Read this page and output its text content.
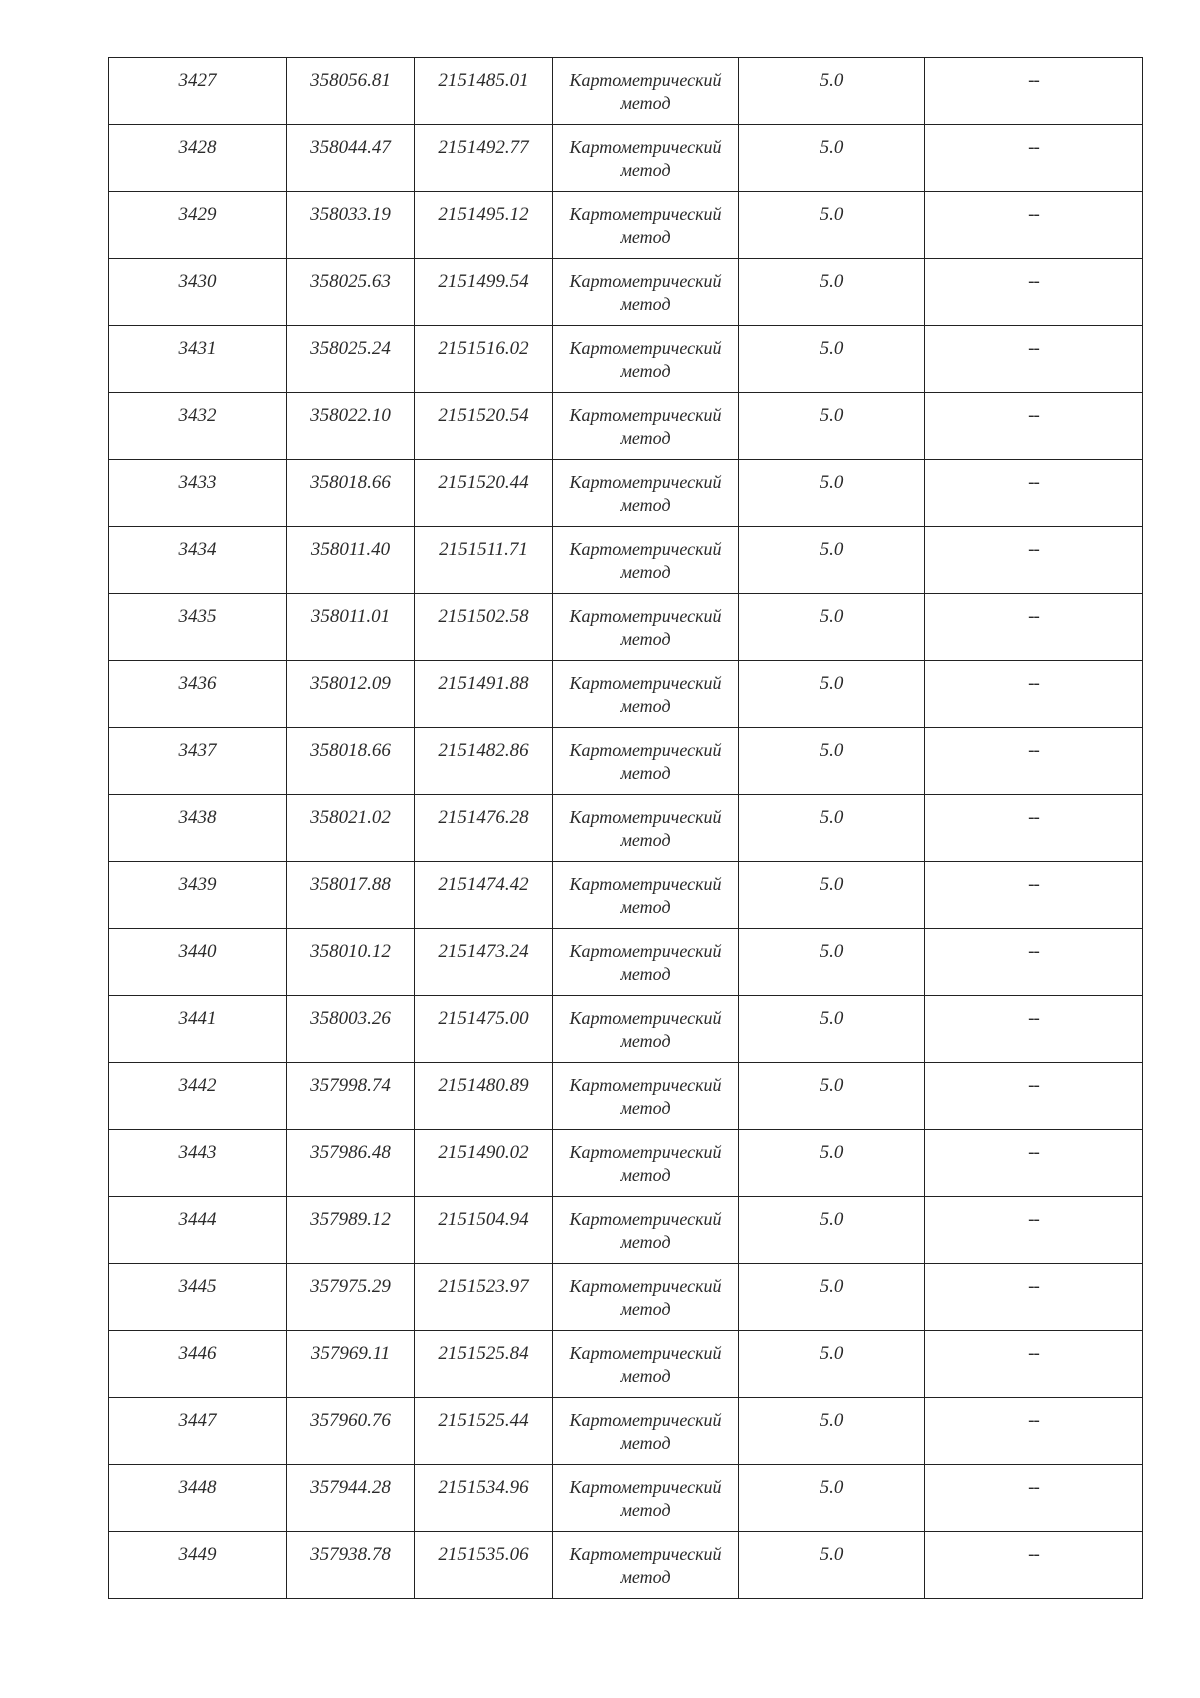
3427	358056.81	2151485.01	Картометрический метод	5.0	--

3428	358044.47	2151492.77	Картометрический метод	5.0	--

3429	358033.19	2151495.12	Картометрический метод	5.0	--

3430	358025.63	2151499.54	Картометрический метод	5.0	--

3431	358025.24	2151516.02	Картометрический метод	5.0	--

3432	358022.10	2151520.54	Картометрический метод	5.0	--

3433	358018.66	2151520.44	Картометрический метод	5.0	--

3434	358011.40	2151511.71	Картометрический метод	5.0	--

3435	358011.01	2151502.58	Картометрический метод	5.0	--

3436	358012.09	2151491.88	Картометрический метод	5.0	--

3437	358018.66	2151482.86	Картометрический метод	5.0	--

3438	358021.02	2151476.28	Картометрический метод	5.0	--

3439	358017.88	2151474.42	Картометрический метод	5.0	--

3440	358010.12	2151473.24	Картометрический метод	5.0	--

3441	358003.26	2151475.00	Картометрический метод	5.0	--

3442	357998.74	2151480.89	Картометрический метод	5.0	--

3443	357986.48	2151490.02	Картометрический метод	5.0	--

3444	357989.12	2151504.94	Картометрический метод	5.0	--

3445	357975.29	2151523.97	Картометрический метод	5.0	--

3446	357969.11	2151525.84	Картометрический метод	5.0	--

3447	357960.76	2151525.44	Картометрический метод	5.0	--

3448	357944.28	2151534.96	Картометрический метод	5.0	--

3449	357938.78	2151535.06	Картометрический метод	5.0	--
